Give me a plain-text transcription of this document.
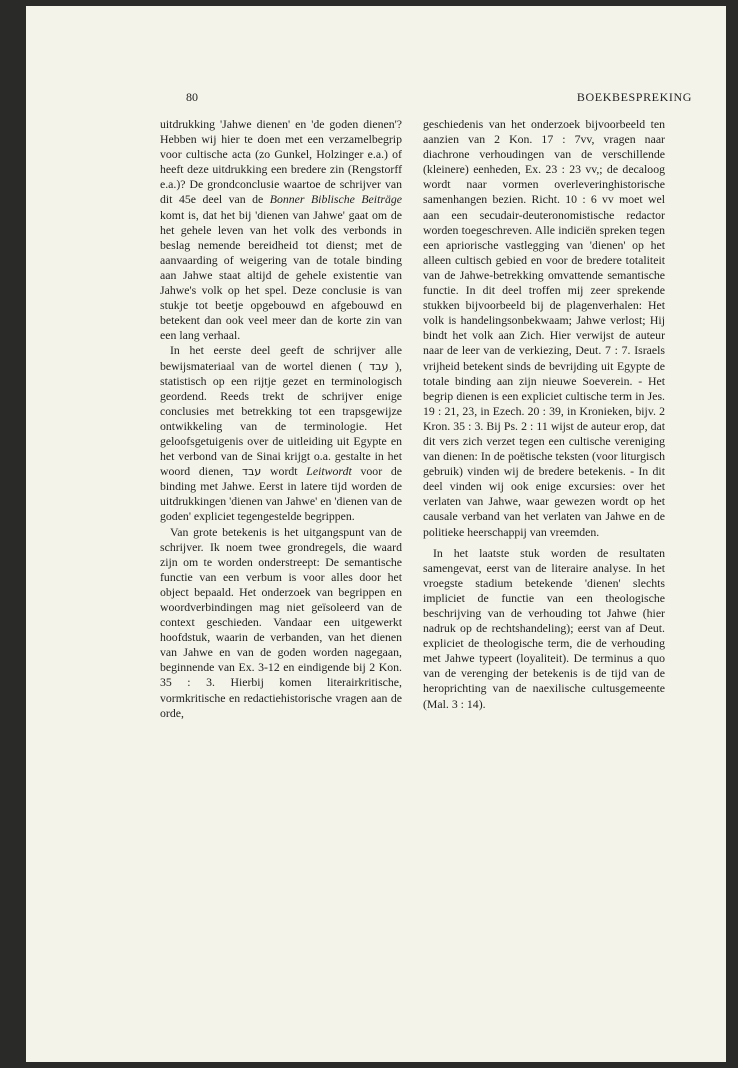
80	BOEKBESPREKING

uitdrukking 'Jahwe dienen' en 'de goden dienen'? Hebben wij hier te doen met een verzamelbegrip voor cultische acta (zo Gunkel, Holzinger e.a.) of heeft deze uitdrukking een bredere zin (Rengstorff e.a.)? De grondconclusie waartoe de schrijver van dit 45e deel van de Bonner Biblische Beiträge komt is, dat het bij 'dienen van Jahwe' gaat om de het gehele leven van het volk des verbonds in beslag nemende bereidheid tot dienst; met de aanvaarding of weigering van de totale binding aan Jahwe staat altijd de gehele existentie van Jahwe's volk op het spel. Deze conclusie is van stukje tot beetje opgebouwd en afgebouwd en betekent dan ook veel meer dan de korte zin van een lang verhaal.

In het eerste deel geeft de schrijver alle bewijsmateriaal van de wortel dienen ( עבד ), statistisch op een rijtje gezet en terminologisch geordend. Reeds trekt de schrijver enige conclusies met betrekking tot een trapsgewijze ontwikkeling van de terminologie. Het geloofsgetuigenis over de uitleiding uit Egypte en het verbond van de Sinai krijgt o.a. gestalte in het woord dienen, עבד wordt Leitwordt voor de binding met Jahwe. Eerst in latere tijd worden de uitdrukkingen 'dienen van Jahwe' en 'dienen van de goden' expliciet tegengestelde begrippen.

Van grote betekenis is het uitgangspunt van de schrijver. Ik noem twee grondregels, die waard zijn om te worden onderstreept: De semantische functie van een verbum is voor alles door het object bepaald. Het onderzoek van begrippen en woordverbindingen mag niet geïsoleerd van de context geschieden. Vandaar een uitgewerkt hoofdstuk, waarin de verbanden, van het dienen van Jahwe en van de goden worden nagegaan, beginnende van Ex. 3-12 en eindigende bij 2 Kon. 35 : 3. Hierbij komen literairkritische, vormkritische en redactiehistorische vragen aan de orde,

geschiedenis van het onderzoek bijvoorbeeld ten aanzien van 2 Kon. 17 : 7vv, vragen naar diachrone verhoudingen van de verschillende (kleinere) eenheden, Ex. 23 : 23 vv,; de decaloog wordt naar vormen overleveringhistorische samenhangen bezien. Richt. 10 : 6 vv moet wel aan een secudair-deuteronomistische redactor worden toegeschreven. Alle indiciën spreken tegen een apriorische vastlegging van 'dienen' op het alleen cultisch gebied en voor de bredere totaliteit van de Jahwe-betrekking omvattende semantische functie. In dit deel troffen mij zeer sprekende stukken bijvoorbeeld bij de plagenverhalen: Het volk is handelingsonbekwaam; Jahwe verlost; Hij bindt het volk aan Zich. Hier verwijst de auteur naar de leer van de verkiezing, Deut. 7 : 7. Israels vrijheid betekent sinds de bevrijding uit Egypte de totale binding aan zijn nieuwe Soeverein. - Het begrip dienen is een expliciet cultische term in Jes. 19 : 21, 23, in Ezech. 20 : 39, in Kronieken, bijv. 2 Kron. 35 : 3. Bij Ps. 2 : 11 wijst de auteur erop, dat dit vers zich verzet tegen een cultische vereniging van dienen: In de poëtische teksten (voor liturgisch gebruik) vinden wij de bredere betekenis. - In dit deel vinden wij ook enige excursies: over het verlaten van Jahwe, waar gewezen wordt op het causale verband van het verlaten van Jahwe en de politieke heerschappij van vreemden.

In het laatste stuk worden de resultaten samengevat, eerst van de literaire analyse. In het vroegste stadium betekende 'dienen' slechts impliciet de functie van een theologische beschrijving van de verhouding tot Jahwe (hier nadruk op de rechtshandeling); eerst van af Deut. expliciet de theologische term, die de verhouding met Jahwe typeert (loyaliteit). De terminus a quo van de verenging der betekenis is de tijd van de heroprichting van de naexilische cultusgemeente (Mal. 3 : 14).
